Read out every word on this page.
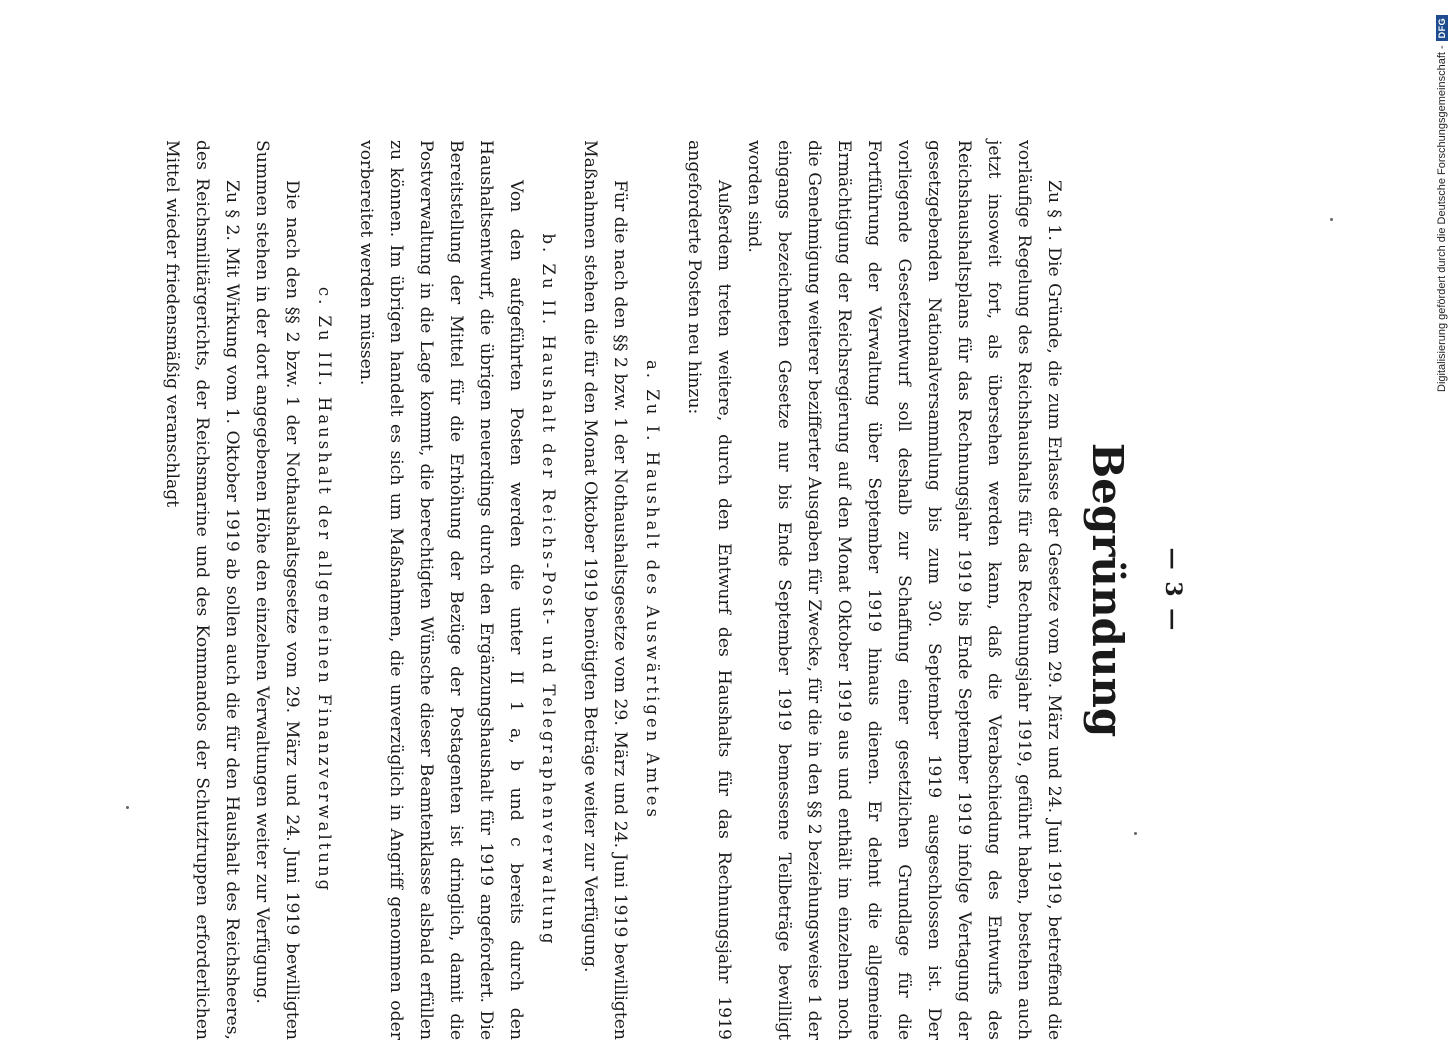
— 3 —
Begründung

Zu § 1. Die Gründe, die zum Erlasse der Gesetze vom 29. März und 24. Juni 1919, betreffend die vorläufige Regelung des Reichshaushalts für das Rechnungsjahr 1919, geführt haben, bestehen auch jetzt insoweit fort, als übersehen werden kann, daß die Verabschiedung des Entwurfs des Reichshaushaltsplans für das Rechnungsjahr 1919 bis Ende September 1919 infolge Vertagung der gesetzgebenden Nationalversammlung bis zum 30. September 1919 ausgeschlossen ist. Der vorliegende Gesetzentwurf soll deshalb zur Schaffung einer gesetzlichen Grundlage für die Fortführung der Verwaltung über September 1919 hinaus dienen. Er dehnt die allgemeine Ermächtigung der Reichsregierung auf den Monat Oktober 1919 aus und enthält im einzelnen noch die Genehmigung weiterer bezifferter Ausgaben für Zwecke, für die in den §§ 2 beziehungsweise 1 der eingangs bezeichneten Gesetze nur bis Ende September 1919 bemessene Teilbeträge bewilligt worden sind.

Außerdem treten weitere, durch den Entwurf des Haushalts für das Rechnungsjahr 1919 angeforderte Posten neu hinzu:

a. Zu I. Haushalt des Auswärtigen Amtes

Für die nach den §§ 2 bzw. 1 der Nothaushaltsgesetze vom 29. März und 24. Juni 1919 bewilligten Maßnahmen stehen die für den Monat Oktober 1919 benötigten Beträge weiter zur Verfügung.

b. Zu II. Haushalt der Reichs-Post- und Telegraphenverwaltung

Von den aufgeführten Posten werden die unter II 1 a, b und c bereits durch den Haushaltsentwurf, die übrigen neuerdings durch den Ergänzungshaushalt für 1919 angefordert. Die Bereitstellung der Mittel für die Erhöhung der Bezüge der Postagenten ist dringlich, damit die Postverwaltung in die Lage kommt, die berechtigten Wünsche dieser Beamtenklasse alsbald erfüllen zu können. Im übrigen handelt es sich um Maßnahmen, die unverzüglich in Angriff genommen oder vorbereitet werden müssen.

c. Zu III. Haushalt der allgemeinen Finanzverwaltung

Die nach den §§ 2 bzw. 1 der Nothaushaltsgesetze vom 29. März und 24. Juni 1919 bewilligten Summen stehen in der dort angegebenen Höhe den einzelnen Verwaltungen weiter zur Verfügung.

Zu § 2. Mit Wirkung vom 1. Oktober 1919 ab sollen auch die für den Haushalt des Reichsheeres, des Reichsmilitärgerichts, der Reichsmarine und des Kommandos der Schutztruppen erforderlichen Mittel wieder friedensmäßig veranschlagt	Digitalisierung gefördert durch die Deutsche Forschungsgemeinschaft -
DFG
